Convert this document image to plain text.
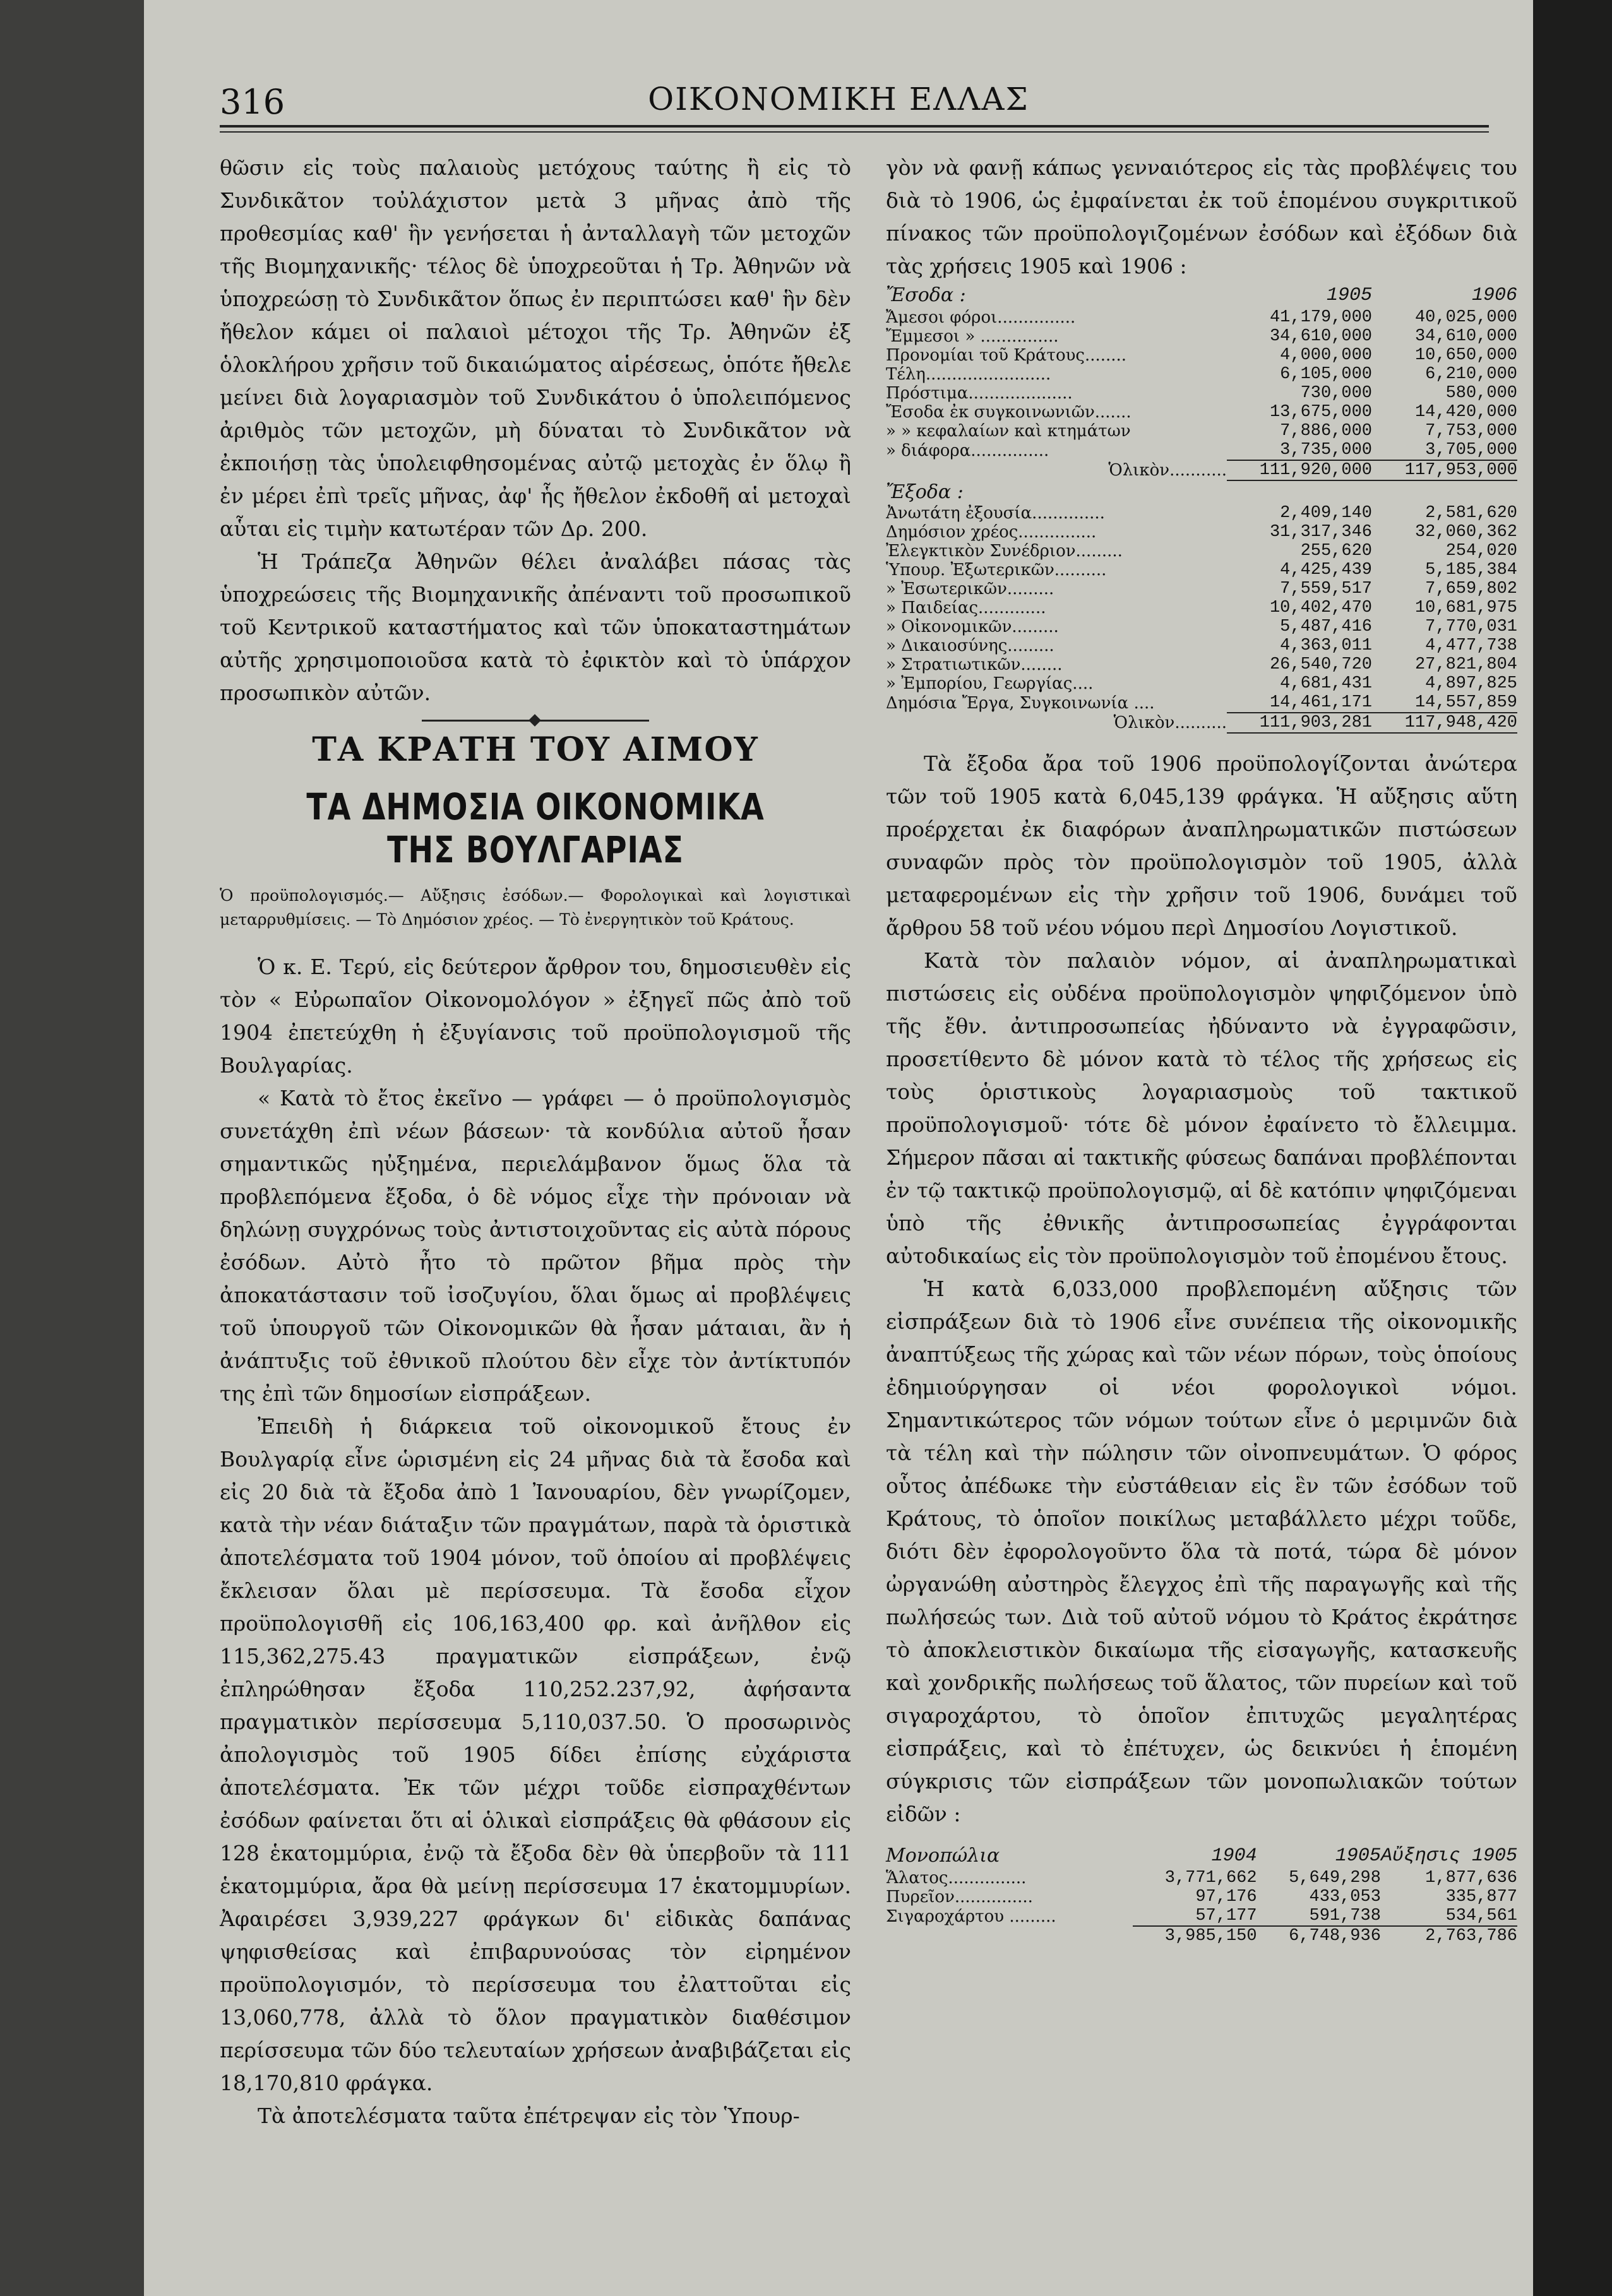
316	ΟΙΚΟΝΟΜΙΚΗ ΕΛΛΑΣ

θῶσιν εἰς τοὺς παλαιοὺς μετόχους ταύτης ἢ εἰς τὸ Συνδικᾶτον τοὐλάχιστον μετὰ 3 μῆνας ἀπὸ τῆς προθεσμίας καθ' ἣν γενήσεται ἡ ἀνταλλαγὴ τῶν μετοχῶν τῆς Βιομηχανικῆς· τέλος δὲ ὑποχρεοῦται ἡ Τρ. Ἀθηνῶν νὰ ὑποχρεώσῃ τὸ Συνδικᾶτον ὅπως ἐν περιπτώσει καθ' ἣν δὲν ἤθελον κάμει οἱ παλαιοὶ μέτοχοι τῆς Τρ. Ἀθηνῶν ἐξ ὁλοκλήρου χρῆσιν τοῦ δικαιώματος αἱρέσεως, ὁπότε ἤθελε μείνει διὰ λογαριασμὸν τοῦ Συνδικάτου ὁ ὑπολειπόμενος ἀριθμὸς τῶν μετοχῶν, μὴ δύναται τὸ Συνδικᾶτον νὰ ἐκποιήσῃ τὰς ὑπολειφθησομένας αὐτῷ μετοχὰς ἐν ὅλῳ ἢ ἐν μέρει ἐπὶ τρεῖς μῆνας, ἀφ' ἧς ἤθελον ἐκδοθῆ αἱ μετοχαὶ αὗται εἰς τιμὴν κατωτέραν τῶν Δρ. 200.

Ἡ Τράπεζα Ἀθηνῶν θέλει ἀναλάβει πάσας τὰς ὑποχρεώσεις τῆς Βιομηχανικῆς ἀπέναντι τοῦ προσωπικοῦ τοῦ Κεντρικοῦ καταστήματος καὶ τῶν ὑποκαταστημάτων αὐτῆς χρησιμοποιοῦσα κατὰ τὸ ἐφικτὸν καὶ τὸ ὑπάρχον προσωπικὸν αὐτῶν.

ΤΑ ΚΡΑΤΗ ΤΟΥ ΑΙΜΟΥ
ΤΑ ΔΗΜΟΣΙΑ ΟΙΚΟΝΟΜΙΚΑ ΤΗΣ ΒΟΥΛΓΑΡΙΑΣ

Ὁ προϋπολογισμός.— Αὔξησις ἐσόδων.— Φορολογικαὶ καὶ λογιστικαὶ μεταρρυθμίσεις. — Τὸ Δημόσιον χρέος. — Τὸ ἐνεργητικὸν τοῦ Κράτους.

Ὁ κ. Ε. Τερύ, εἰς δεύτερον ἄρθρον του, δημοσιευθὲν εἰς τὸν « Εὐρωπαῖον Οἰκονομολόγον » ἐξηγεῖ πῶς ἀπὸ τοῦ 1904 ἐπετεύχθη ἡ ἐξυγίανσις τοῦ προϋπολογισμοῦ τῆς Βουλγαρίας.

« Κατὰ τὸ ἔτος ἐκεῖνο — γράφει — ὁ προϋπολογισμὸς συνετάχθη ἐπὶ νέων βάσεων· τὰ κονδύλια αὐτοῦ ἦσαν σημαντικῶς ηὐξημένα, περιελάμβανον ὅμως ὅλα τὰ προβλεπόμενα ἔξοδα, ὁ δὲ νόμος εἶχε τὴν πρόνοιαν νὰ δηλώνῃ συγχρόνως τοὺς ἀντιστοιχοῦντας εἰς αὐτὰ πόρους ἐσόδων. Αὐτὸ ἦτο τὸ πρῶτον βῆμα πρὸς τὴν ἀποκατάστασιν τοῦ ἰσοζυγίου, ὅλαι ὅμως αἱ προβλέψεις τοῦ ὑπουργοῦ τῶν Οἰκονομικῶν θὰ ἦσαν μάταιαι, ἂν ἡ ἀνάπτυξις τοῦ ἐθνικοῦ πλούτου δὲν εἶχε τὸν ἀντίκτυπόν της ἐπὶ τῶν δημοσίων εἰσπράξεων.

Ἐπειδὴ ἡ διάρκεια τοῦ οἰκονομικοῦ ἔτους ἐν Βουλγαρίᾳ εἶνε ὡρισμένη εἰς 24 μῆνας διὰ τὰ ἔσοδα καὶ εἰς 20 διὰ τὰ ἔξοδα ἀπὸ 1 Ἰανουαρίου, δὲν γνωρίζομεν, κατὰ τὴν νέαν διάταξιν τῶν πραγμάτων, παρὰ τὰ ὁριστικὰ ἀποτελέσματα τοῦ 1904 μόνον, τοῦ ὁποίου αἱ προβλέψεις ἔκλεισαν ὅλαι μὲ περίσσευμα. Τὰ ἔσοδα εἶχον προϋπολογισθῆ εἰς 106,163,400 φρ. καὶ ἀνῆλθον εἰς 115,362,275.43 πραγματικῶν εἰσπράξεων, ἐνῷ ἐπληρώθησαν ἔξοδα 110,252.237,92, ἀφήσαντα πραγματικὸν περίσσευμα 5,110,037.50. Ὁ προσωρινὸς ἀπολογισμὸς τοῦ 1905 δίδει ἐπίσης εὐχάριστα ἀποτελέσματα. Ἐκ τῶν μέχρι τοῦδε εἰσπραχθέντων ἐσόδων φαίνεται ὅτι αἱ ὁλικαὶ εἰσπράξεις θὰ φθάσουν εἰς 128 ἑκατομμύρια, ἐνῷ τὰ ἔξοδα δὲν θὰ ὑπερβοῦν τὰ 111 ἑκατομμύρια, ἄρα θὰ μείνῃ περίσσευμα 17 ἑκατομμυρίων. Ἀφαιρέσει 3,939,227 φράγκων δι' εἰδικὰς δαπάνας ψηφισθείσας καὶ ἐπιβαρυνούσας τὸν εἰρημένον προϋπολογισμόν, τὸ περίσσευμα του ἐλαττοῦται εἰς 13,060,778, ἀλλὰ τὸ ὅλον πραγματικὸν διαθέσιμον περίσσευμα τῶν δύο τελευταίων χρήσεων ἀναβιβάζεται εἰς 18,170,810 φράγκα.

Τὰ ἀποτελέσματα ταῦτα ἐπέτρεψαν εἰς τὸν Ὑπουρ-

γὸν νὰ φανῇ κάπως γενναιότερος εἰς τὰς προβλέψεις του διὰ τὸ 1906, ὡς ἐμφαίνεται ἐκ τοῦ ἑπομένου συγκριτικοῦ πίνακος τῶν προϋπολογιζομένων ἐσόδων καὶ ἐξόδων διὰ τὰς χρήσεις 1905 καὶ 1906 :

Ἔσοδα :	1905	1906
Ἄμεσοι φόροι...............	41,179,000	40,025,000
Ἔμμεσοι » ...............	34,610,000	34,610,000
Προνομίαι τοῦ Κράτους........	4,000,000	10,650,000
Τέλη........................	6,105,000	6,210,000
Πρόστιμα....................	730,000	580,000
Ἔσοδα ἐκ συγκοινωνιῶν.......	13,675,000	14,420,000
» » κεφαλαίων καὶ κτημάτων	7,886,000	7,753,000
» διάφορα...............	3,735,000	3,705,000
Ὁλικὸν...........	111,920,000	117,953,000
Ἔξοδα :		
Ἀνωτάτη ἐξουσία..............	2,409,140	2,581,620
Δημόσιον χρέος...............	31,317,346	32,060,362
Ἐλεγκτικὸν Συνέδριον.........	255,620	254,020
Ὑπουρ. Ἐξωτερικῶν..........	4,425,439	5,185,384
» Ἐσωτερικῶν.........	7,559,517	7,659,802
» Παιδείας.............	10,402,470	10,681,975
» Οἰκονομικῶν.........	5,487,416	7,770,031
» Δικαιοσύνης.........	4,363,011	4,477,738
» Στρατιωτικῶν........	26,540,720	27,821,804
» Ἐμπορίου, Γεωργίας....	4,681,431	4,897,825
Δημόσια Ἔργα, Συγκοινωνία ....	14,461,171	14,557,859
Ὁλικὸν..........	111,903,281	117,948,420

Τὰ ἔξοδα ἄρα τοῦ 1906 προϋπολογίζονται ἀνώτερα τῶν τοῦ 1905 κατὰ 6,045,139 φράγκα. Ἡ αὔξησις αὕτη προέρχεται ἐκ διαφόρων ἀναπληρωματικῶν πιστώσεων συναφῶν πρὸς τὸν προϋπολογισμὸν τοῦ 1905, ἀλλὰ μεταφερομένων εἰς τὴν χρῆσιν τοῦ 1906, δυνάμει τοῦ ἄρθρου 58 τοῦ νέου νόμου περὶ Δημοσίου Λογιστικοῦ.

Κατὰ τὸν παλαιὸν νόμον, αἱ ἀναπληρωματικαὶ πιστώσεις εἰς οὐδένα προϋπολογισμὸν ψηφιζόμενον ὑπὸ τῆς ἔθν. ἀντιπροσωπείας ἠδύναντο νὰ ἐγγραφῶσιν, προσετίθεντο δὲ μόνον κατὰ τὸ τέλος τῆς χρήσεως εἰς τοὺς ὁριστικοὺς λογαριασμοὺς τοῦ τακτικοῦ προϋπολογισμοῦ· τότε δὲ μόνον ἐφαίνετο τὸ ἔλλειμμα. Σήμερον πᾶσαι αἱ τακτικῆς φύσεως δαπάναι προβλέπονται ἐν τῷ τακτικῷ προϋπολογισμῷ, αἱ δὲ κατόπιν ψηφιζόμεναι ὑπὸ τῆς ἐθνικῆς ἀντιπροσωπείας ἐγγράφονται αὐτοδικαίως εἰς τὸν προϋπολογισμὸν τοῦ ἐπομένου ἔτους.

Ἡ κατὰ 6,033,000 προβλεπομένη αὔξησις τῶν εἰσπράξεων διὰ τὸ 1906 εἶνε συνέπεια τῆς οἰκονομικῆς ἀναπτύξεως τῆς χώρας καὶ τῶν νέων πόρων, τοὺς ὁποίους ἐδημιούργησαν οἱ νέοι φορολογικοὶ νόμοι. Σημαντικώτερος τῶν νόμων τούτων εἶνε ὁ μεριμνῶν διὰ τὰ τέλη καὶ τὴν πώλησιν τῶν οἰνοπνευμάτων. Ὁ φόρος οὗτος ἀπέδωκε τὴν εὐστάθειαν εἰς ἓν τῶν ἐσόδων τοῦ Κράτους, τὸ ὁποῖον ποικίλως μεταβάλλετο μέχρι τοῦδε, διότι δὲν ἐφορολογοῦντο ὅλα τὰ ποτά, τώρα δὲ μόνον ὠργανώθη αὐστηρὸς ἔλεγχος ἐπὶ τῆς παραγωγῆς καὶ τῆς πωλήσεώς των. Διὰ τοῦ αὐτοῦ νόμου τὸ Κράτος ἐκράτησε τὸ ἀποκλειστικὸν δικαίωμα τῆς εἰσαγωγῆς, κατασκευῆς καὶ χονδρικῆς πωλήσεως τοῦ ἅλατος, τῶν πυρείων καὶ τοῦ σιγαροχάρτου, τὸ ὁποῖον ἐπιτυχῶς μεγαλητέρας εἰσπράξεις, καὶ τὸ ἐπέτυχεν, ὡς δεικνύει ἡ ἑπομένη σύγκρισις τῶν εἰσπράξεων τῶν μονοπωλιακῶν τούτων εἰδῶν :

Μονοπώλια	1904	1905	Αὔξησις 1905
Ἅλατος...............	3,771,662	5,649,298	1,877,636
Πυρεῖον...............	97,176	433,053	335,877
Σιγαροχάρτου .........	57,177	591,738	534,561
	3,985,150	6,748,936	2,763,786
